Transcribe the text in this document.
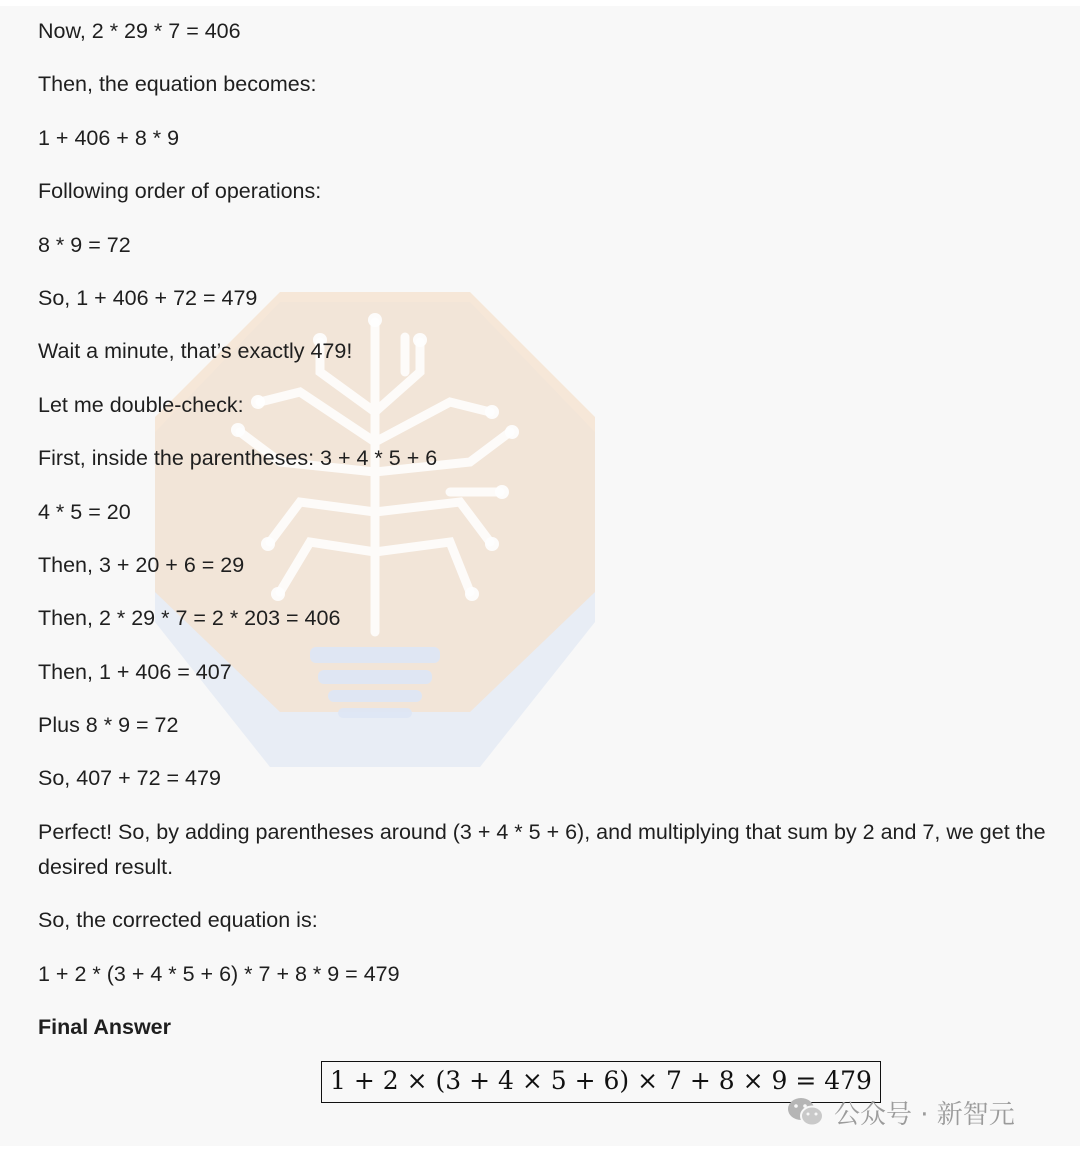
Now, 2 * 29 * 7 = 406

Then, the equation becomes:

1 + 406 + 8 * 9

Following order of operations:

8 * 9 = 72

So, 1 + 406 + 72 = 479

Wait a minute, that’s exactly 479!

Let me double-check:

First, inside the parentheses: 3 + 4 * 5 + 6

4 * 5 = 20

Then, 3 + 20 + 6 = 29

Then, 2 * 29 * 7 = 2 * 203 = 406

Then, 1 + 406 = 407

Plus 8 * 9 = 72

So, 407 + 72 = 479

Perfect! So, by adding parentheses around (3 + 4 * 5 + 6), and multiplying that sum by 2 and 7, we get the desired result.

So, the corrected equation is:

1 + 2 * (3 + 4 * 5 + 6) * 7 + 8 * 9 = 479

Final Answer

1 + 2 × (3 + 4 × 5 + 6) × 7 + 8 × 9 = 479
公众号 · 新智元
